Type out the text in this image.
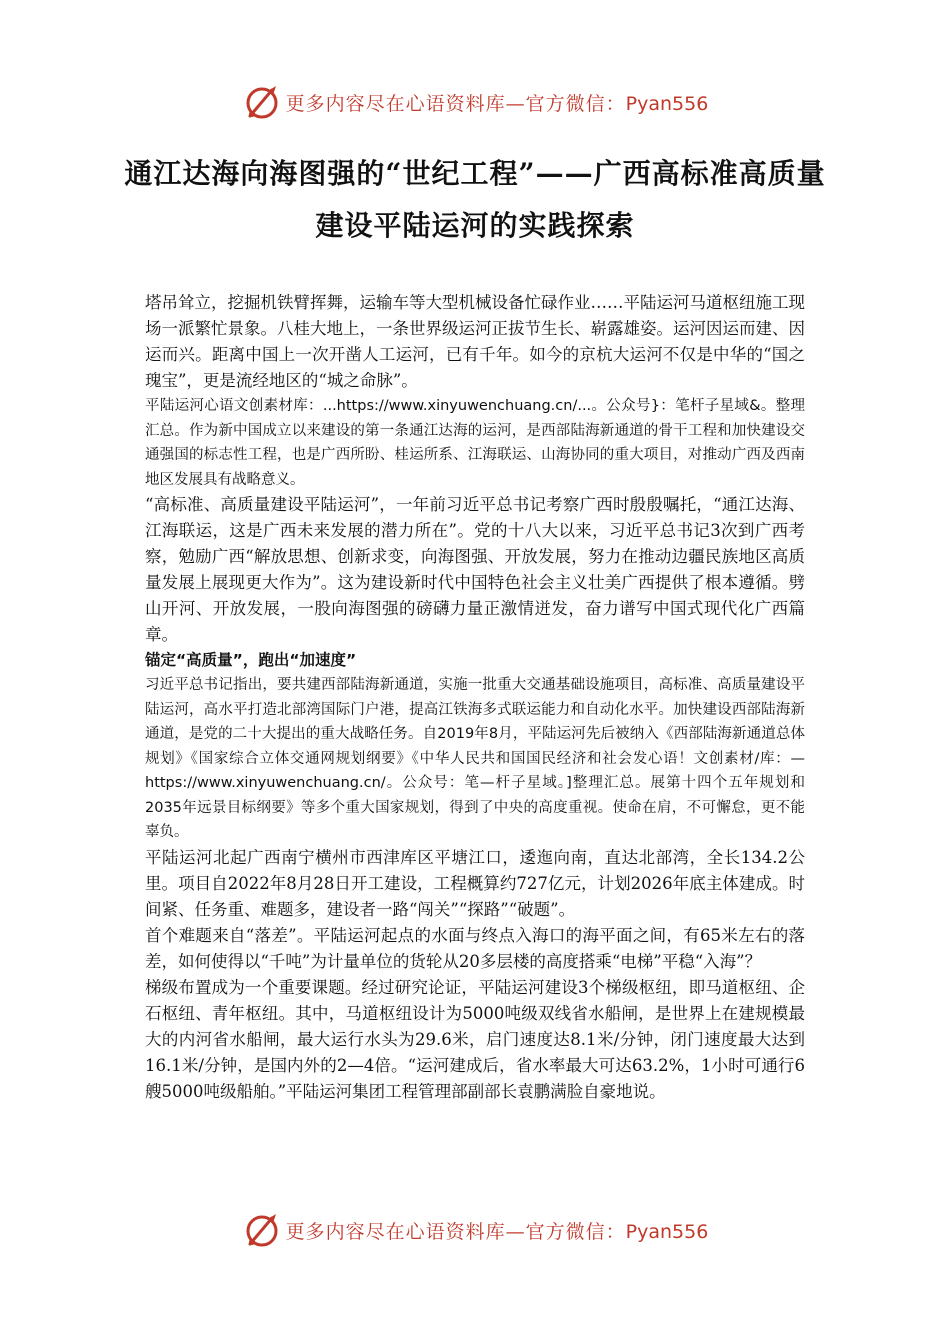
更多内容尽在心语资料库—官方微信：Pyan556
通江达海向海图强的“世纪工程”——广西高标准高质量建设平陆运河的实践探索

塔吊耸立，挖掘机铁臂挥舞，运输车等大型机械设备忙碌作业……平陆运河马道枢纽施工现场一派繁忙景象。八桂大地上，一条世界级运河正拔节生长、崭露雄姿。运河因运而建、因运而兴。距离中国上一次开凿人工运河，已有千年。如今的京杭大运河不仅是中华的“国之瑰宝”，更是流经地区的“城之命脉”。

平陆运河心语文创素材库：...https://www.xinyuwenchuang.cn/...。公众号}：笔杆子星域&。整理汇总。作为新中国成立以来建设的第一条通江达海的运河，是西部陆海新通道的骨干工程和加快建设交通强国的标志性工程，也是广西所盼、桂运所系、江海联运、山海协同的重大项目，对推动广西及西南地区发展具有战略意义。

“高标准、高质量建设平陆运河”，一年前习近平总书记考察广西时殷殷嘱托，“通江达海、江海联运，这是广西未来发展的潜力所在”。党的十八大以来，习近平总书记3次到广西考察，勉励广西“解放思想、创新求变，向海图强、开放发展，努力在推动边疆民族地区高质量发展上展现更大作为”。这为建设新时代中国特色社会主义壮美广西提供了根本遵循。劈山开河、开放发展，一股向海图强的磅礴力量正激情迸发，奋力谱写中国式现代化广西篇章。

锚定“高质量”，跑出“加速度”

习近平总书记指出，要共建西部陆海新通道，实施一批重大交通基础设施项目，高标准、高质量建设平陆运河，高水平打造北部湾国际门户港，提高江铁海多式联运能力和自动化水平。加快建设西部陆海新通道，是党的二十大提出的重大战略任务。自2019年8月，平陆运河先后被纳入《西部陆海新通道总体规划》《国家综合立体交通网规划纲要》《中华人民共和国国民经济和社会发心语！文创素材/库：—https://www.xinyuwenchuang.cn/。公众号：笔—杆子星域。]整理汇总。展第十四个五年规划和2035年远景目标纲要》等多个重大国家规划，得到了中央的高度重视。使命在肩，不可懈怠，更不能辜负。

平陆运河北起广西南宁横州市西津库区平塘江口，逶迤向南，直达北部湾，全长134.2公里。项目自2022年8月28日开工建设，工程概算约727亿元，计划2026年底主体建成。时间紧、任务重、难题多，建设者一路“闯关”“探路”“破题”。

首个难题来自“落差”。平陆运河起点的水面与终点入海口的海平面之间，有65米左右的落差，如何使得以“千吨”为计量单位的货轮从20多层楼的高度搭乘“电梯”平稳“入海”？

梯级布置成为一个重要课题。经过研究论证，平陆运河建设3个梯级枢纽，即马道枢纽、企石枢纽、青年枢纽。其中，马道枢纽设计为5000吨级双线省水船闸，是世界上在建规模最大的内河省水船闸，最大运行水头为29.6米，启门速度达8.1米/分钟，闭门速度最大达到16.1米/分钟，是国内外的2—4倍。“运河建成后，省水率最大可达63.2%，1小时可通行6艘5000吨级船舶。”平陆运河集团工程管理部副部长袁鹏满脸自豪地说。

更多内容尽在心语资料库—官方微信：Pyan556
